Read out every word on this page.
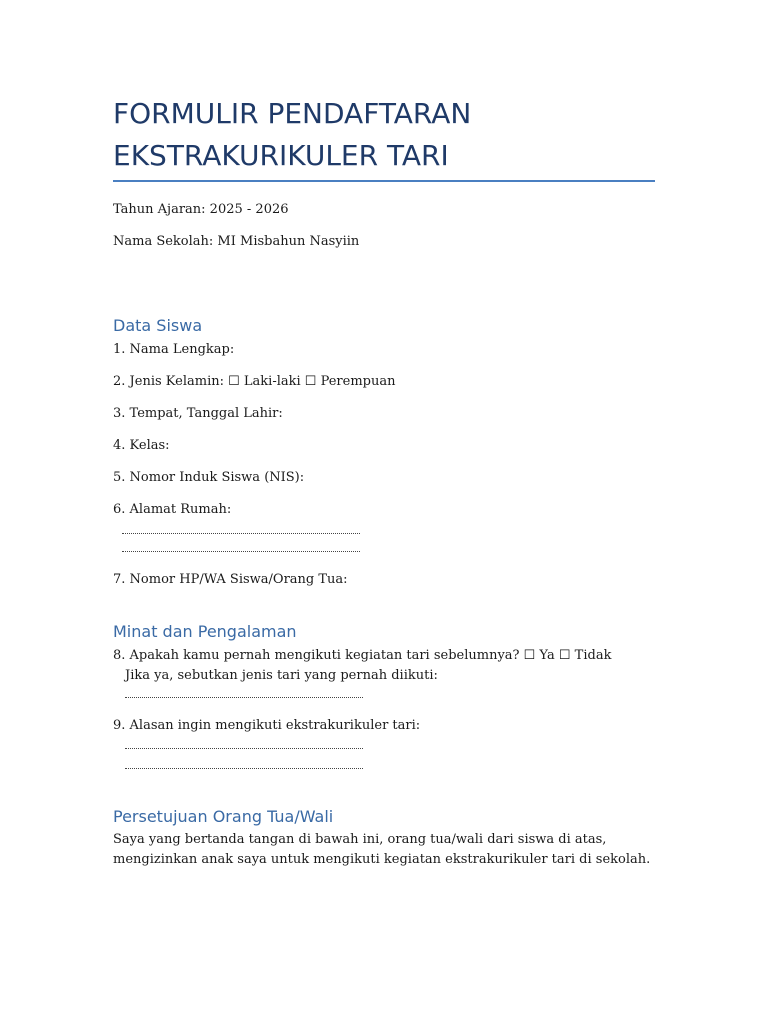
FORMULIR PENDAFTARAN
EKSTRAKURIKULER TARI
Tahun Ajaran: 2025 - 2026
Nama Sekolah: MI Misbahun Nasyiin
Data Siswa
1. Nama Lengkap:
2. Jenis Kelamin: ☐ Laki-laki ☐ Perempuan
3. Tempat, Tanggal Lahir:
4. Kelas:
5. Nomor Induk Siswa (NIS):
6. Alamat Rumah:
7. Nomor HP/WA Siswa/Orang Tua:
Minat dan Pengalaman
8. Apakah kamu pernah mengikuti kegiatan tari sebelumnya? ☐ Ya ☐ Tidak
Jika ya, sebutkan jenis tari yang pernah diikuti:
9. Alasan ingin mengikuti ekstrakurikuler tari:
Persetujuan Orang Tua/Wali
Saya yang bertanda tangan di bawah ini, orang tua/wali dari siswa di atas,
mengizinkan anak saya untuk mengikuti kegiatan ekstrakurikuler tari di sekolah.
